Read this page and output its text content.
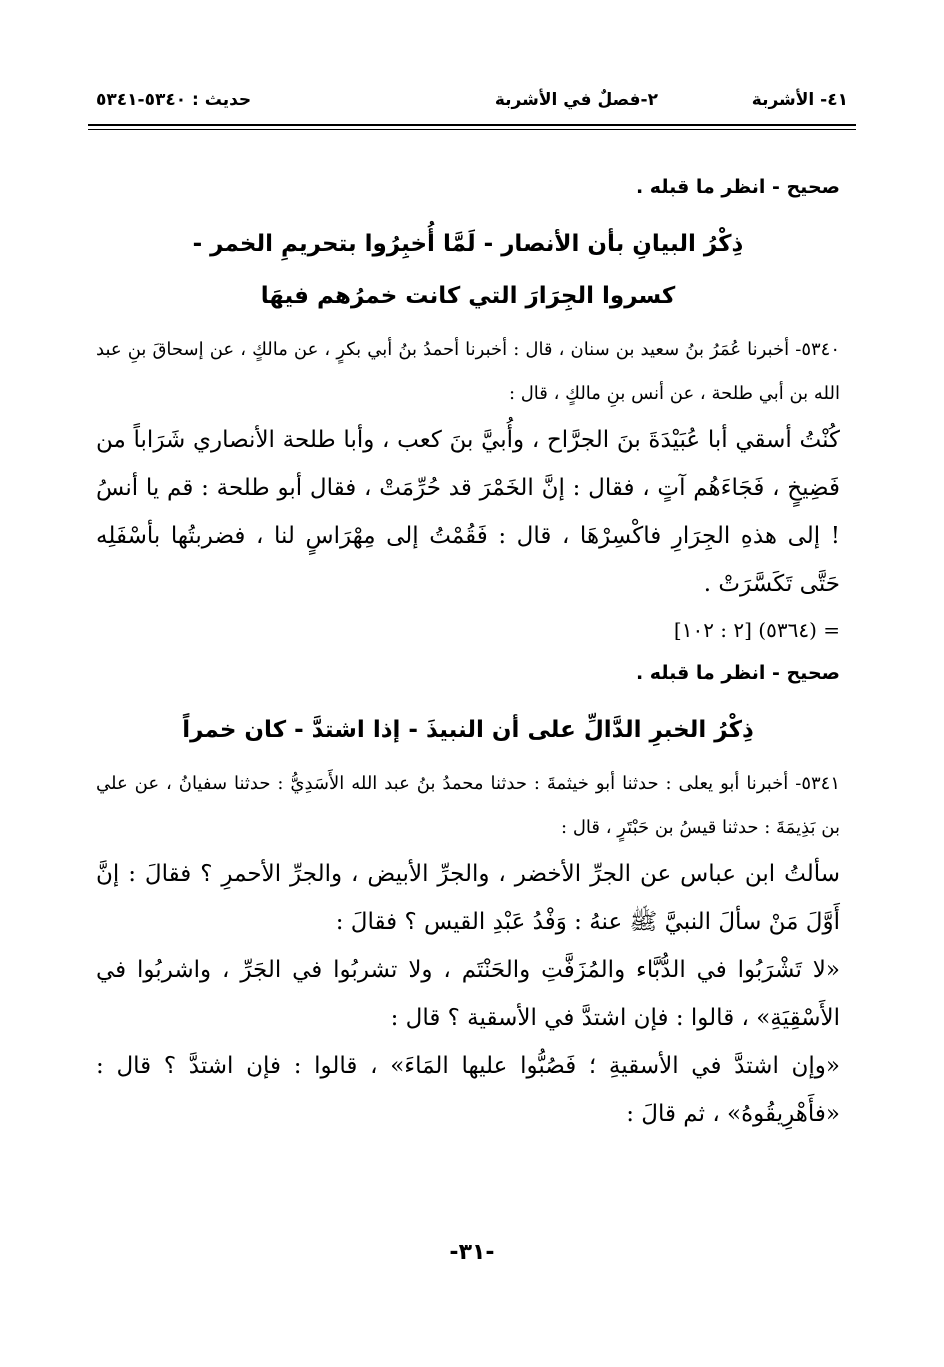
٤١- الأشربة
٢-فصلٌ في الأشربة
حديث : ٥٣٤٠-٥٣٤١

صحيح - انظر ما قبله .

ذِكْرُ البيانِ بأن الأنصار - لَمَّا أُخبِرُوا بتحريمِ الخمر -

كسروا الجِرَارَ التي كانت خمرُهم فيهَا

٥٣٤٠- أخبرنا عُمَرُ بنُ سعيد بن سنان ، قال : أخبرنا أحمدُ بنُ أبي بكرٍ ، عن مالكٍ ، عن إسحاقَ بنِ عبد الله بن أبي طلحة ، عن أنس بنِ مالكٍ ، قال :

كُنْتُ أسقي أبا عُبَيْدَةَ بنَ الجرَّاح ، وأُبيَّ بنَ كعب ، وأبا طلحة الأنصاري شَرَاباً من فَضِيخٍ ، فَجَاءَهُم آتٍ ، فقال : إنَّ الخَمْرَ قد حُرِّمَتْ ، فقال أبو طلحة : قم يا أنسُ ! إلى هذهِ الجِرَارِ فاكْسِرْهَا ، قال : فَقُمْتُ إلى مِهْرَاسٍ لنا ، فضربتُها بأسْفَلِه حَتَّى تَكَسَّرَتْ .

= (٥٣٦٤) [٢ : ١٠٢]

صحيح - انظر ما قبله .

ذِكْرُ الخبرِ الدَّالِّ على أن النبيذَ - إذا اشتدَّ - كان خمراً

٥٣٤١- أخبرنا أبو يعلى : حدثنا أبو خيثمةَ : حدثنا محمدُ بنُ عبد الله الأَسَدِيُّ : حدثنا سفيانُ ، عن علي بن بَذِيمَةَ : حدثنا قيسُ بن حَبْتَرٍ ، قال :

سألتُ ابن عباس عن الجرِّ الأخضر ، والجرِّ الأبيض ، والجرِّ الأحمرِ ؟ فقالَ : إنَّ أَوَّلَ مَنْ سألَ النبيَّ ﷺ عنهُ : وَفْدُ عَبْدِ القيس ؟ فقالَ :

«لا تَشْرَبُوا في الدُّبَّاء والمُزَفَّتِ والحَنْتَم ، ولا تشربُوا في الجَرِّ ، واشربُوا في الأَسْقِيَةِ» ، قالوا : فإن اشتدَّ في الأسقية ؟ قال :

«وإن اشتدَّ في الأسقيةِ ؛ فَصُبُّوا عليها المَاءَ» ، قالوا : فإن اشتدَّ ؟ قال : «فأَهْرِيقُوهُ» ، ثم قالَ :

-٣١-
